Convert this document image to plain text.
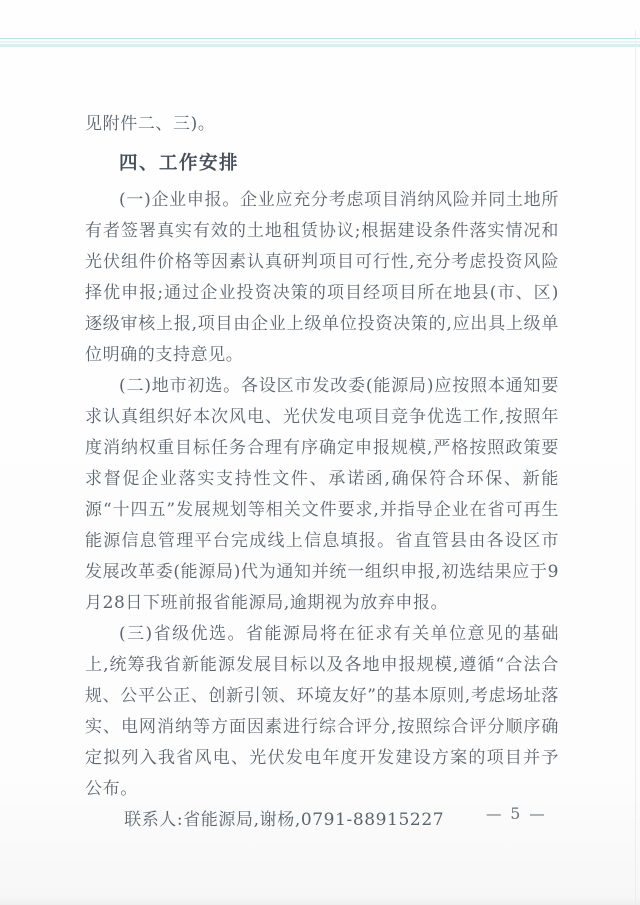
见附件二、三)。

四、工作安排

(一)企业申报。企业应充分考虑项目消纳风险并同土地所有者签署真实有效的土地租赁协议;根据建设条件落实情况和光伏组件价格等因素认真研判项目可行性,充分考虑投资风险择优申报;通过企业投资决策的项目经项目所在地县(市、区)逐级审核上报,项目由企业上级单位投资决策的,应出具上级单位明确的支持意见。

(二)地市初选。各设区市发改委(能源局)应按照本通知要求认真组织好本次风电、光伏发电项目竞争优选工作,按照年度消纳权重目标任务合理有序确定申报规模,严格按照政策要求督促企业落实支持性文件、承诺函,确保符合环保、新能源“十四五”发展规划等相关文件要求,并指导企业在省可再生能源信息管理平台完成线上信息填报。省直管县由各设区市发展改革委(能源局)代为通知并统一组织申报,初选结果应于9月28日下班前报省能源局,逾期视为放弃申报。

(三)省级优选。省能源局将在征求有关单位意见的基础上,统筹我省新能源发展目标以及各地申报规模,遵循“合法合规、公平公正、创新引领、环境友好”的基本原则,考虑场址落实、电网消纳等方面因素进行综合评分,按照综合评分顺序确定拟列入我省风电、光伏发电年度开发建设方案的项目并予公布。

联系人:省能源局,谢杨,0791-88915227	— 5 —
